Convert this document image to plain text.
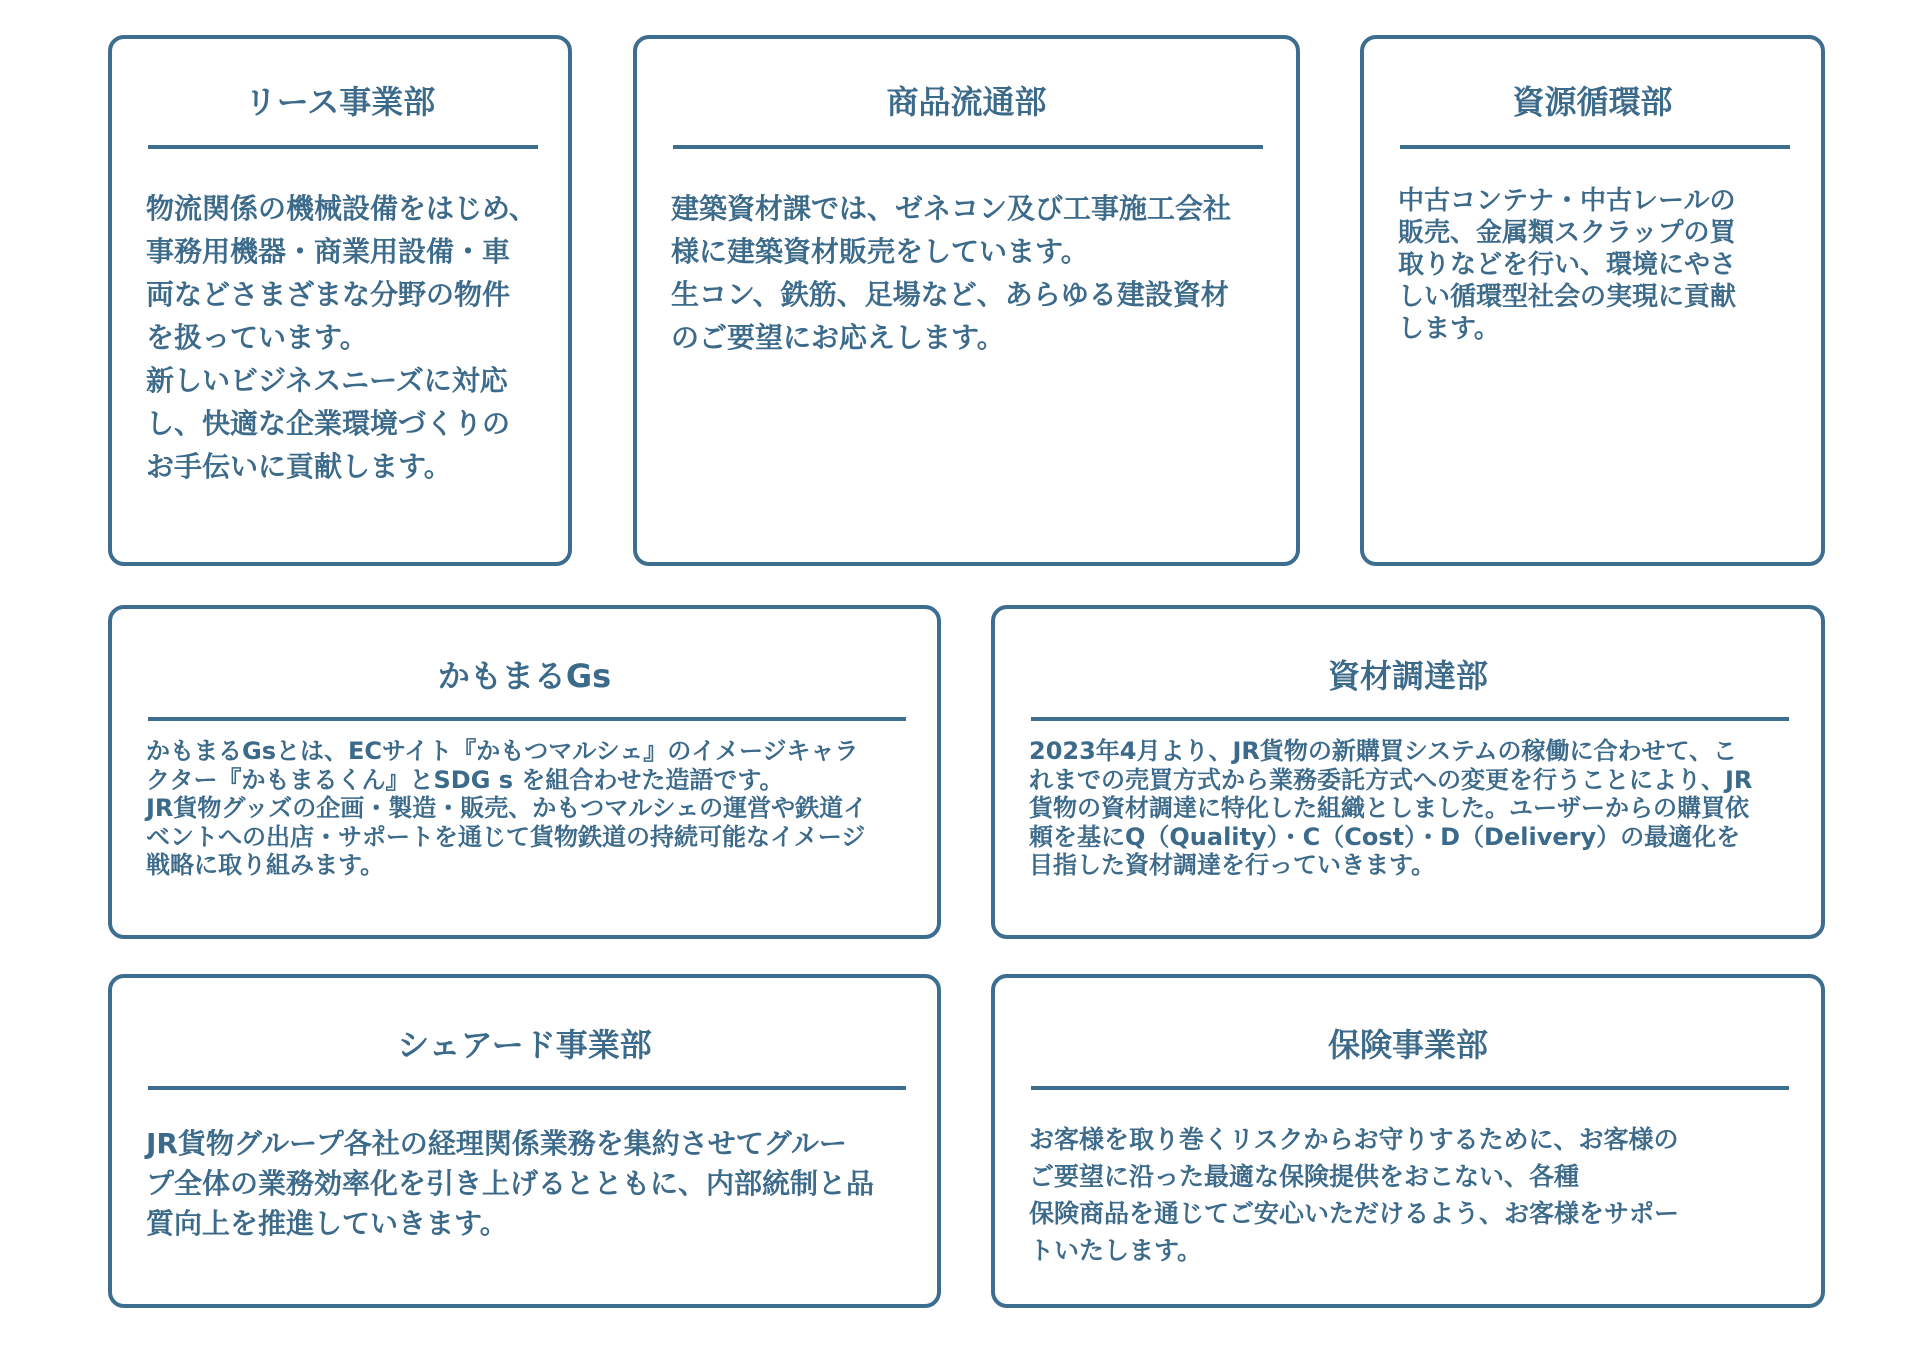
リース事業部
物流関係の機械設備をはじめ、
事務用機器・商業用設備・車
両などさまざまな分野の物件
を扱っています。
新しいビジネスニーズに対応
し、快適な企業環境づくりの
お手伝いに貢献します。
商品流通部
建築資材課では、ゼネコン及び工事施工会社
様に建築資材販売をしています。
生コン、鉄筋、足場など、あらゆる建設資材
のご要望にお応えします。
資源循環部
中古コンテナ・中古レールの
販売、金属類スクラップの買
取りなどを行い、環境にやさ
しい循環型社会の実現に貢献
します。
かもまるGs
かもまるGsとは、ECサイト『かもつマルシェ』のイメージキャラ
クター『かもまるくん』とSDG s を組合わせた造語です。
JR貨物グッズの企画・製造・販売、かもつマルシェの運営や鉄道イ
ベントへの出店・サポートを通じて貨物鉄道の持続可能なイメージ
戦略に取り組みます。
資材調達部
2023年4月より、JR貨物の新購買システムの稼働に合わせて、こ
れまでの売買方式から業務委託方式への変更を行うことにより、JR
貨物の資材調達に特化した組織としました。ユーザーからの購買依
頼を基にQ（Quality）・C（Cost）・D（Delivery）の最適化を
目指した資材調達を行っていきます。
シェアード事業部
JR貨物グループ各社の経理関係業務を集約させてグルー
プ全体の業務効率化を引き上げるとともに、内部統制と品
質向上を推進していきます。
保険事業部
お客様を取り巻くリスクからお守りするために、お客様の
ご要望に沿った最適な保険提供をおこない、各種
保険商品を通じてご安心いただけるよう、お客様をサポー
トいたします。
